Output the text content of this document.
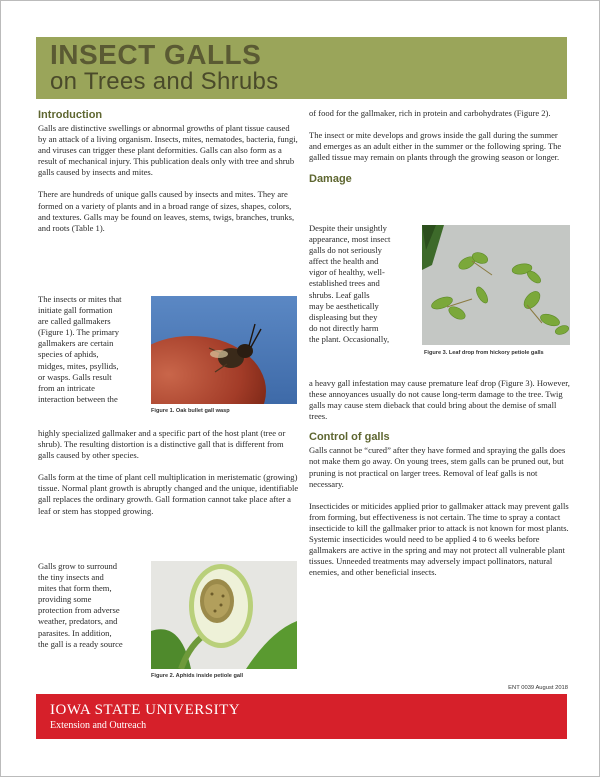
INSECT GALLS
on Trees and Shrubs
Introduction

Galls are distinctive swellings or abnormal growths of plant tissue caused by an attack of a living organism. Insects, mites, nematodes, bacteria, fungi, and viruses can trigger these plant deformities. Galls can also form as a result of mechanical injury. This publication deals only with tree and shrub galls caused by insects and mites.

There are hundreds of unique galls caused by insects and mites. They are formed on a variety of plants and in a broad range of sizes, shapes, colors, and textures. Galls may be found on leaves, stems, twigs, branches, trunks, and roots (Table 1).

The insects or mites that

initiate gall formation

are called gallmakers

(Figure 1). The primary

gallmakers are certain

species of aphids,

midges, mites, psyllids,

or wasps. Galls result

from an intricate

interaction between the

Figure 1. Oak bullet gall wasp

highly specialized gallmaker and a specific part of the host plant (tree or shrub). The resulting distortion is a distinctive gall that is different from galls caused by other species.

Galls form at the time of plant cell multiplication in meristematic (growing) tissue. Normal plant growth is abruptly changed and the unique, identifiable gall replaces the ordinary growth. Gall formation cannot take place after a leaf or stem has stopped growing.

Galls grow to surround

the tiny insects and

mites that form them,

providing some

protection from adverse

weather, predators, and

parasites. In addition,

the gall is a ready source

Figure 2. Aphids inside petiole gall

of food for the gallmaker, rich in protein and carbohydrates (Figure 2).

The insect or mite develops and grows inside the gall during the summer and emerges as an adult either in the summer or the following spring. The galled tissue may remain on plants through the growing season or longer.

Damage

Despite their unsightly

appearance, most insect

galls do not seriously

affect the health and

vigor of healthy, well-

established trees and

shrubs. Leaf galls

may be aesthetically

displeasing but they

do not directly harm

the plant. Occasionally,

Figure 3. Leaf drop from hickory petiole galls

a heavy gall infestation may cause premature leaf drop (Figure 3). However, these annoyances usually do not cause long-term damage to the tree. Twig galls may cause stem dieback that could bring about the demise of small trees.

Control of galls

Galls cannot be “cured” after they have formed and spraying the galls does not make them go away. On young trees, stem galls can be pruned out, but pruning is not practical on larger trees. Removal of leaf galls is not necessary.

Insecticides or miticides applied prior to gallmaker attack may prevent galls from forming, but effectiveness is not certain. The time to spray a contact insecticide to kill the gallmaker prior to attack is not known for most plants. Systemic insecticides would need to be applied 4 to 6 weeks before gallmakers are active in the spring and may not protect all vulnerable plant tissues. Unneeded treatments may adversely impact pollinators, natural enemies, and other beneficial insects.

ENT 0039 August 2018
IOWA STATE UNIVERSITY
Extension and Outreach
